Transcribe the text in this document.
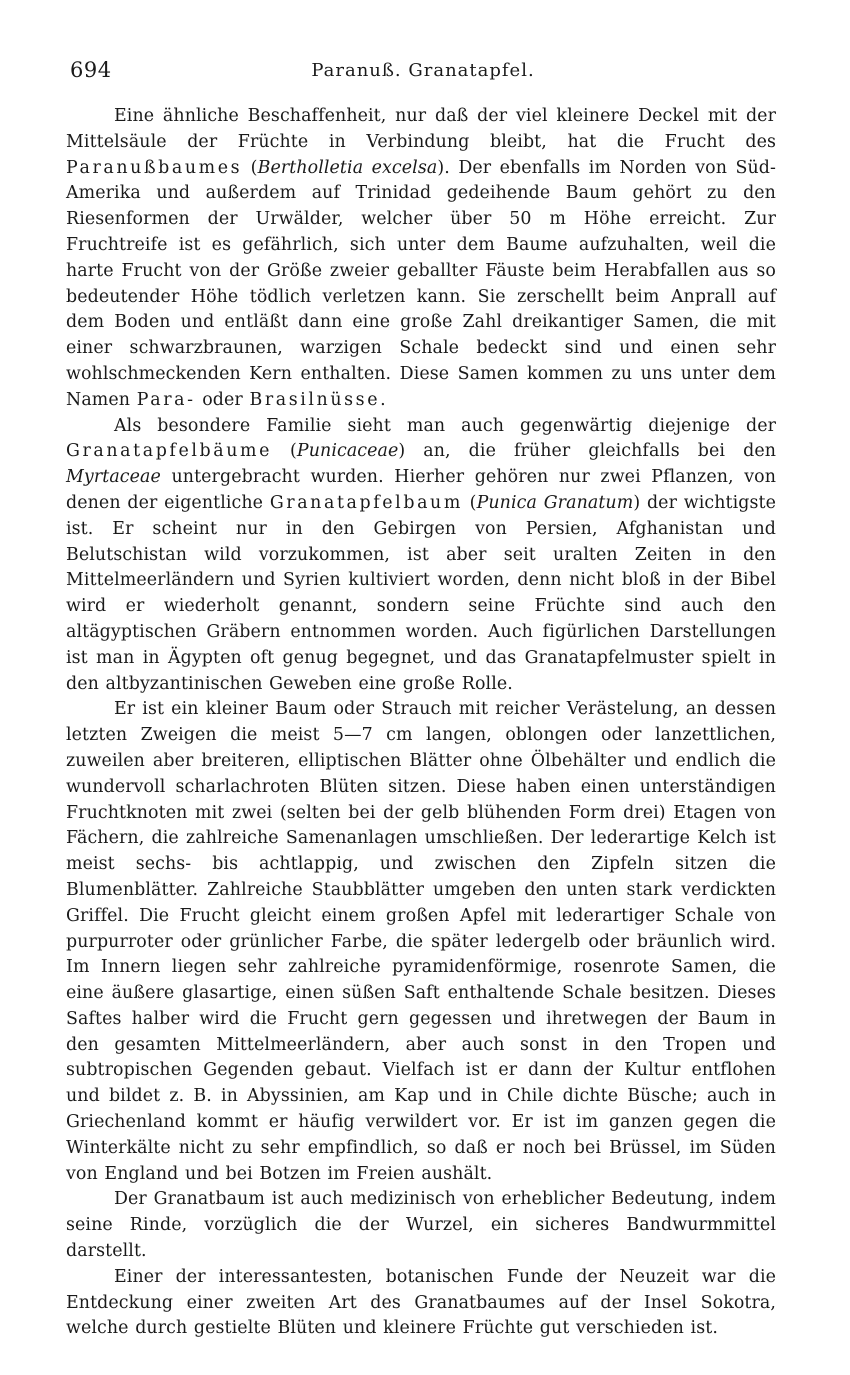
694	Paranuß. Granatapfel.

Eine ähnliche Beschaffenheit, nur daß der viel kleinere Deckel mit der Mittelsäule der Früchte in Verbindung bleibt, hat die Frucht des Paranußbaumes (Bertholletia excelsa). Der ebenfalls im Norden von Süd-Amerika und außerdem auf Trinidad gedeihende Baum gehört zu den Riesenformen der Urwälder, welcher über 50 m Höhe erreicht. Zur Fruchtreife ist es gefährlich, sich unter dem Baume aufzuhalten, weil die harte Frucht von der Größe zweier geballter Fäuste beim Herabfallen aus so bedeutender Höhe tödlich verletzen kann. Sie zerschellt beim Anprall auf dem Boden und entläßt dann eine große Zahl dreikantiger Samen, die mit einer schwarzbraunen, warzigen Schale bedeckt sind und einen sehr wohlschmeckenden Kern enthalten. Diese Samen kommen zu uns unter dem Namen Para- oder Brasilnüsse.

Als besondere Familie sieht man auch gegenwärtig diejenige der Granatapfelbäume (Punicaceae) an, die früher gleichfalls bei den Myrtaceae untergebracht wurden. Hierher gehören nur zwei Pflanzen, von denen der eigentliche Granatapfelbaum (Punica Granatum) der wichtigste ist. Er scheint nur in den Gebirgen von Persien, Afghanistan und Belutschistan wild vorzukommen, ist aber seit uralten Zeiten in den Mittelmeerländern und Syrien kultiviert worden, denn nicht bloß in der Bibel wird er wiederholt genannt, sondern seine Früchte sind auch den altägyptischen Gräbern entnommen worden. Auch figürlichen Darstellungen ist man in Ägypten oft genug begegnet, und das Granatapfelmuster spielt in den altbyzantinischen Geweben eine große Rolle.

Er ist ein kleiner Baum oder Strauch mit reicher Verästelung, an dessen letzten Zweigen die meist 5—7 cm langen, oblongen oder lanzettlichen, zuweilen aber breiteren, elliptischen Blätter ohne Ölbehälter und endlich die wundervoll scharlachroten Blüten sitzen. Diese haben einen unterständigen Fruchtknoten mit zwei (selten bei der gelb blühenden Form drei) Etagen von Fächern, die zahlreiche Samenanlagen umschließen. Der lederartige Kelch ist meist sechs- bis achtlappig, und zwischen den Zipfeln sitzen die Blumenblätter. Zahlreiche Staubblätter umgeben den unten stark verdickten Griffel. Die Frucht gleicht einem großen Apfel mit lederartiger Schale von purpurroter oder grünlicher Farbe, die später ledergelb oder bräunlich wird. Im Innern liegen sehr zahlreiche pyramidenförmige, rosenrote Samen, die eine äußere glasartige, einen süßen Saft enthaltende Schale besitzen. Dieses Saftes halber wird die Frucht gern gegessen und ihretwegen der Baum in den gesamten Mittelmeerländern, aber auch sonst in den Tropen und subtropischen Gegenden gebaut. Vielfach ist er dann der Kultur entflohen und bildet z. B. in Abyssinien, am Kap und in Chile dichte Büsche; auch in Griechenland kommt er häufig verwildert vor. Er ist im ganzen gegen die Winterkälte nicht zu sehr empfindlich, so daß er noch bei Brüssel, im Süden von England und bei Botzen im Freien aushält.

Der Granatbaum ist auch medizinisch von erheblicher Bedeutung, indem seine Rinde, vorzüglich die der Wurzel, ein sicheres Bandwurmmittel darstellt.

Einer der interessantesten, botanischen Funde der Neuzeit war die Entdeckung einer zweiten Art des Granatbaumes auf der Insel Sokotra, welche durch gestielte Blüten und kleinere Früchte gut verschieden ist.
